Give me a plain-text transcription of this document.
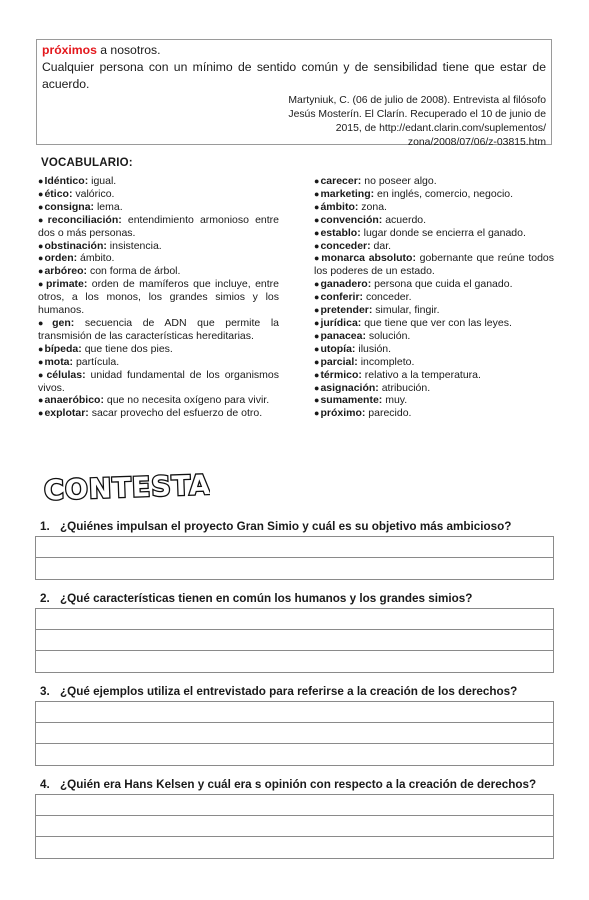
próximos a nosotros.
Cualquier persona con un mínimo de sentido común y de sensibilidad tiene que estar de acuerdo.
Martyniuk, C. (06 de julio de 2008). Entrevista al filósofo
Jesús Mosterín. El Clarín. Recuperado el 10 de junio de
2015, de http://edant.clarin.com/suplementos/
zona/2008/07/06/z-03815.htm
VOCABULARIO:
●Idéntico: igual.
●ético: valórico.
●consigna: lema.
●reconciliación: entendimiento armonioso entre dos o más personas.
●obstinación: insistencia.
●orden: ámbito.
●arbóreo: con forma de árbol.
●primate: orden de mamíferos que incluye, entre otros, a los monos, los grandes simios y los humanos.
●gen: secuencia de ADN que permite la transmisión de las características hereditarias.
●bípeda: que tiene dos pies.
●mota: partícula.
●células: unidad fundamental de los organismos vivos.
●anaeróbico: que no necesita oxígeno para vivir.
●explotar: sacar provecho del esfuerzo de otro.
●carecer: no poseer algo.
●marketing: en inglés, comercio, negocio.
●ámbito: zona.
●convención: acuerdo.
●establo: lugar donde se encierra el ganado.
●conceder: dar.
●monarca absoluto: gobernante que reúne todos los poderes de un estado.
●ganadero: persona que cuida el ganado.
●conferir: conceder.
●pretender: simular, fingir.
●jurídica: que tiene que ver con las leyes.
●panacea: solución.
●utopía: ilusión.
●parcial: incompleto.
●térmico: relativo a la temperatura.
●asignación: atribución.
●sumamente: muy.
●próximo: parecido.
CONTESTA:
1. ¿Quiénes impulsan el proyecto Gran Simio y cuál es su objetivo más ambicioso?
2. ¿Qué características tienen en común los humanos y los grandes simios?
3. ¿Qué ejemplos utiliza el entrevistado para referirse a la creación de los derechos?
4. ¿Quién era Hans Kelsen y cuál era s opinión con respecto a la creación de derechos?
